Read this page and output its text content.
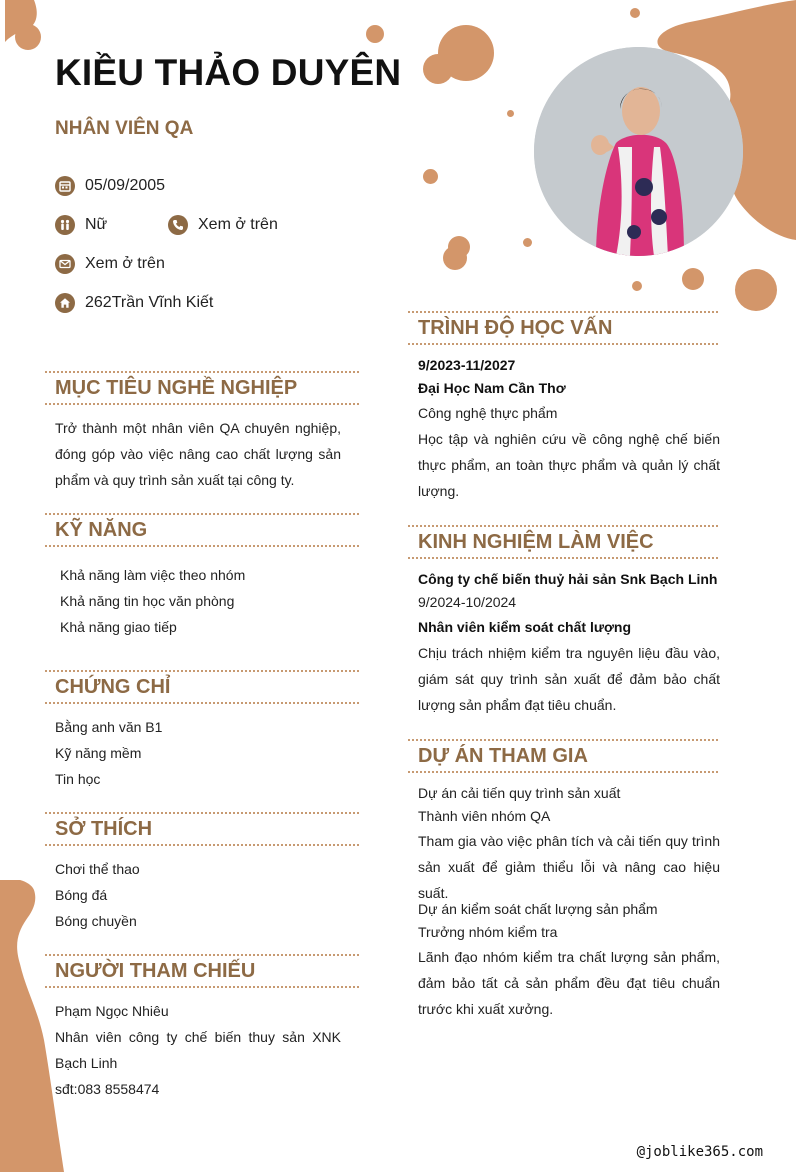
KIỀU THẢO DUYÊN
NHÂN VIÊN QA
05/09/2005
Nữ	Xem ở trên
Xem ở trên
262Trần Vĩnh Kiết
MỤC TIÊU NGHỀ NGHIỆP
Trở thành một nhân viên QA chuyên nghiệp, đóng góp vào việc nâng cao chất lượng sản phẩm và quy trình sản xuất tại công ty.
KỸ NĂNG
Khả năng làm việc theo nhóm
Khả năng tin học văn phòng
Khả năng giao tiếp
CHỨNG CHỈ
Bằng anh văn B1
Kỹ năng mềm
Tin học
SỞ THÍCH
Chơi thể thao
Bóng đá
Bóng chuyền
NGƯỜI THAM CHIẾU
Phạm Ngọc Nhiêu
Nhân viên công ty chế biến thuy sản XNK Bạch Linh
sđt:083 8558474
TRÌNH ĐỘ HỌC VẤN
9/2023-11/2027
Đại Học Nam Cần Thơ
Công nghệ thực phẩm
Học tập và nghiên cứu về công nghệ chế biến thực phẩm, an toàn thực phẩm và quản lý chất lượng.
KINH NGHIỆM LÀM VIỆC
Công ty chế biến thuỷ hải sản Snk Bạch Linh
9/2024-10/2024
Nhân viên kiểm soát chất lượng
Chịu trách nhiệm kiểm tra nguyên liệu đầu vào, giám sát quy trình sản xuất để đảm bảo chất lượng sản phẩm đạt tiêu chuẩn.
DỰ ÁN THAM GIA
Dự án cải tiến quy trình sản xuất
Thành viên nhóm QA
Tham gia vào việc phân tích và cải tiến quy trình sản xuất để giảm thiểu lỗi và nâng cao hiệu suất.
Dự án kiểm soát chất lượng sản phẩm
Trưởng nhóm kiểm tra
Lãnh đạo nhóm kiểm tra chất lượng sản phẩm, đảm bảo tất cả sản phẩm đều đạt tiêu chuẩn trước khi xuất xưởng.
@joblike365.com
